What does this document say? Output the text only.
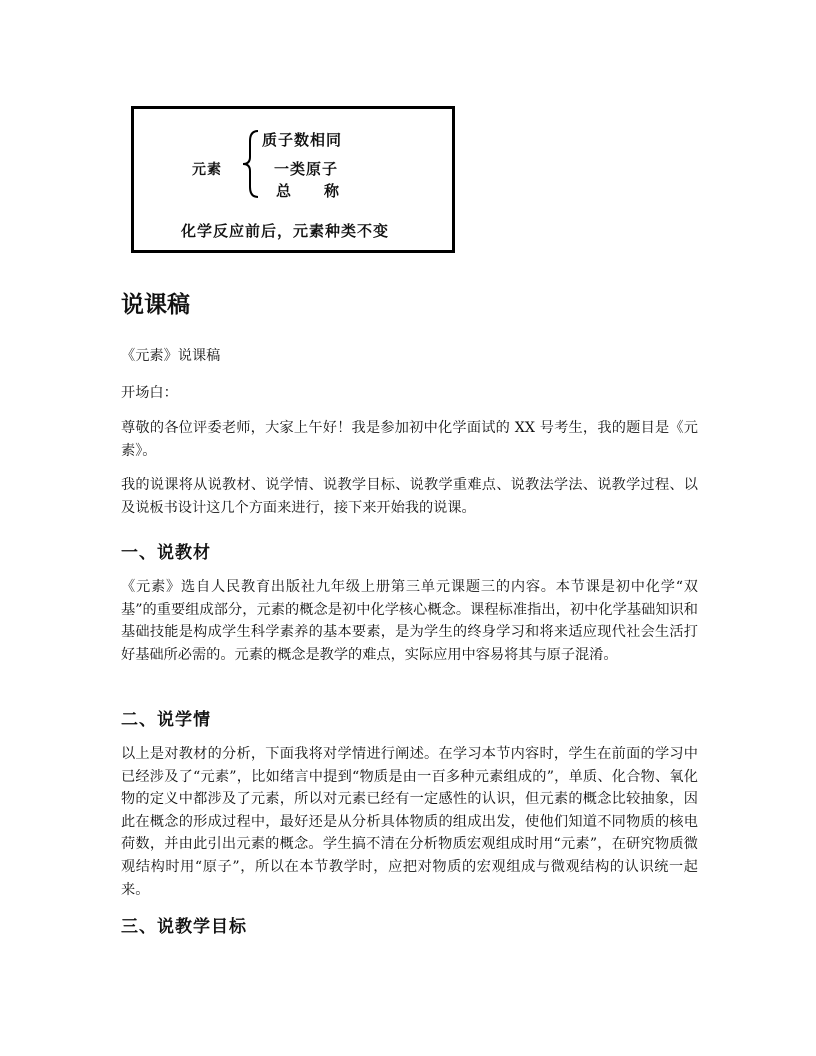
元素
质子数相同
一类原子
总　　称
化学反应前后，元素种类不变
说课稿

《元素》说课稿

开场白：

尊敬的各位评委老师，大家上午好！我是参加初中化学面试的 XX 号考生，我的题目是《元素》。

我的说课将从说教材、说学情、说教学目标、说教学重难点、说教法学法、说教学过程、以及说板书设计这几个方面来进行，接下来开始我的说课。

一、说教材

《元素》选自人民教育出版社九年级上册第三单元课题三的内容。本节课是初中化学“双基”的重要组成部分，元素的概念是初中化学核心概念。课程标准指出，初中化学基础知识和基础技能是构成学生科学素养的基本要素，是为学生的终身学习和将来适应现代社会生活打好基础所必需的。元素的概念是教学的难点，实际应用中容易将其与原子混淆。

二、说学情

以上是对教材的分析，下面我将对学情进行阐述。在学习本节内容时，学生在前面的学习中已经涉及了“元素”，比如绪言中提到“物质是由一百多种元素组成的”，单质、化合物、氧化物的定义中都涉及了元素，所以对元素已经有一定感性的认识，但元素的概念比较抽象，因此在概念的形成过程中，最好还是从分析具体物质的组成出发，使他们知道不同物质的核电荷数，并由此引出元素的概念。学生搞不清在分析物质宏观组成时用“元素”，在研究物质微观结构时用“原子”，所以在本节教学时，应把对物质的宏观组成与微观结构的认识统一起来。

三、说教学目标
